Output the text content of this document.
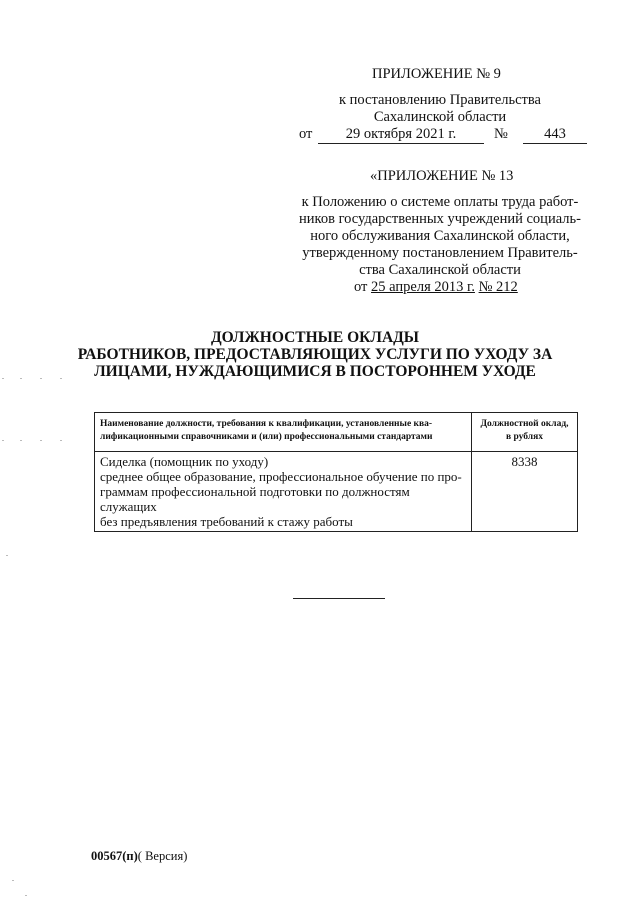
ПРИЛОЖЕНИЕ № 9
к постановлению Правительства
Сахалинской области
от	29 октября 2021 г.	№	443
«ПРИЛОЖЕНИЕ № 13
к Положению о системе оплаты труда работ-
ников государственных учреждений социаль-
ного обслуживания Сахалинской области,
утвержденному постановлением Правитель-
ства Сахалинской области
от 25 апреля 2013 г. № 212
ДОЛЖНОСТНЫЕ ОКЛАДЫ
РАБОТНИКОВ, ПРЕДОСТАВЛЯЮЩИХ УСЛУГИ ПО УХОДУ ЗА
ЛИЦАМИ, НУЖДАЮЩИМИСЯ В ПОСТОРОННЕМ УХОДЕ
Наименование должности, требования к квалификации, установленные ква-лификационными справочниками и (или) профессиональными стандартами	Должностной оклад, в рублях

Сиделка (помощник по уходу)
среднее общее образование, профессиональное обучение по про-
граммам профессиональной подготовки по должностям служащих
без предъявления требований к стажу работы	8338
00567(п)( Версия)
